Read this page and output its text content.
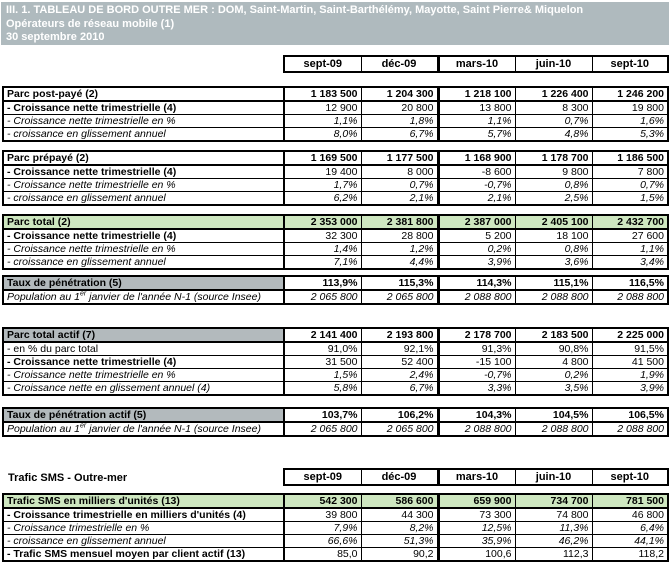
III. 1. TABLEAU DE BORD OUTRE MER : DOM, Saint-Martin, Saint-Barthélémy, Mayotte, Saint Pierre& Miquelon
Opérateurs de réseau mobile (1)
30 septembre 2010
sept-09	déc-09	mars-10	juin-10	sept-10
Parc post-payé (2)	1 183 500	1 204 300	1 218 100	1 226 400	1 246 200
- Croissance nette trimestrielle (4)	12 900	20 800	13 800	8 300	19 800
- Croissance nette trimestrielle en %	1,1%	1,8%	1,1%	0,7%	1,6%
- croissance en glissement annuel	8,0%	6,7%	5,7%	4,8%	5,3%
Parc prépayé (2)	1 169 500	1 177 500	1 168 900	1 178 700	1 186 500
- Croissance nette trimestrielle (4)	19 400	8 000	-8 600	9 800	7 800
- Croissance nette trimestrielle en %	1,7%	0,7%	-0,7%	0,8%	0,7%
- croissance en glissement annuel	6,2%	2,1%	2,1%	2,5%	1,5%
Parc total (2)	2 353 000	2 381 800	2 387 000	2 405 100	2 432 700
- Croissance nette trimestrielle (4)	32 300	28 800	5 200	18 100	27 600
- Croissance nette trimestrielle en %	1,4%	1,2%	0,2%	0,8%	1,1%
- croissance en glissement annuel	7,1%	4,4%	3,9%	3,6%	3,4%
Taux de pénétration (5)	113,9%	115,3%	114,3%	115,1%	116,5%
Population au 1er janvier de l'année N-1 (source Insee)	2 065 800	2 065 800	2 088 800	2 088 800	2 088 800
Parc total actif (7)	2 141 400	2 193 800	2 178 700	2 183 500	2 225 000
- en % du parc total	91,0%	92,1%	91,3%	90,8%	91,5%
- Croissance nette trimestrielle (4)	31 500	52 400	-15 100	4 800	41 500
- Croissance nette trimestrielle en %	1,5%	2,4%	-0,7%	0,2%	1,9%
- Croissance nette en glissement annuel (4)	5,8%	6,7%	3,3%	3,5%	3,9%
Taux de pénétration actif (5)	103,7%	106,2%	104,3%	104,5%	106,5%
Population au 1er janvier de l'année N-1 (source Insee)	2 065 800	2 065 800	2 088 800	2 088 800	2 088 800
Trafic SMS - Outre-mer	sept-09	déc-09	mars-10	juin-10	sept-10
Trafic SMS en milliers d'unités (13)	542 300	586 600	659 900	734 700	781 500
- Croissance trimestrielle en milliers d'unités (4)	39 800	44 300	73 300	74 800	46 800
- Croissance trimestrielle en %	7,9%	8,2%	12,5%	11,3%	6,4%
- croissance en glissement annuel	66,6%	51,3%	35,9%	46,2%	44,1%
- Trafic SMS mensuel moyen par client actif (13)	85,0	90,2	100,6	112,3	118,2
